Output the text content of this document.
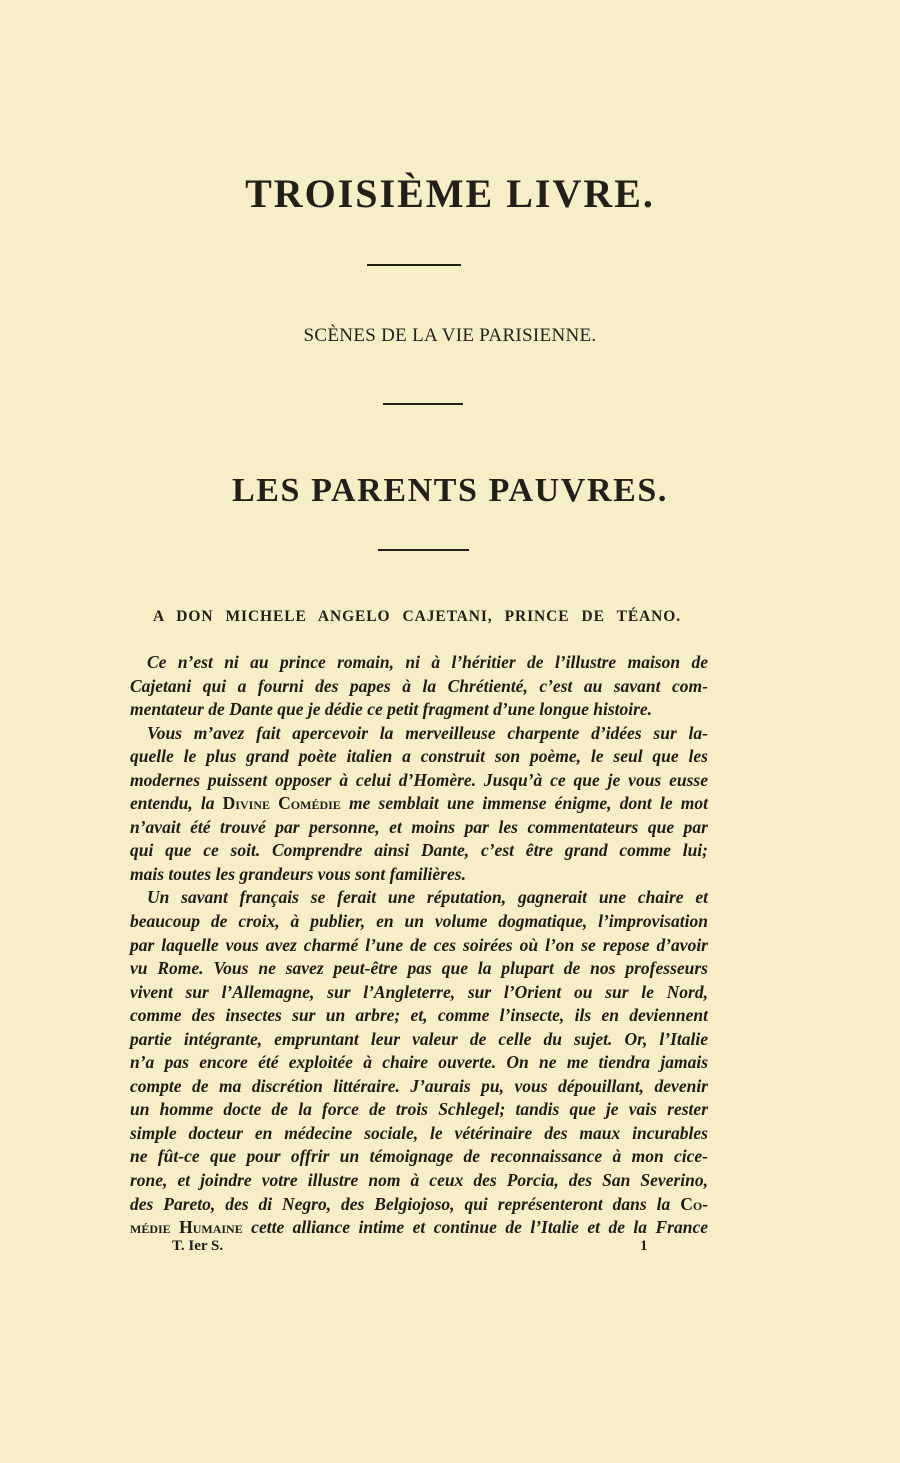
TROISIÈME LIVRE.
SCÈNES DE LA VIE PARISIENNE.
LES PARENTS PAUVRES.
A DON MICHELE ANGELO CAJETANI, PRINCE DE TÉANO.
Ce n’est ni au prince romain, ni à l’héritier de l’illustre maison de
Cajetani qui a fourni des papes à la Chrétienté, c’est au savant com-
mentateur de Dante que je dédie ce petit fragment d’une longue histoire.
Vous m’avez fait apercevoir la merveilleuse charpente d’idées sur la-
quelle le plus grand poète italien a construit son poème, le seul que les
modernes puissent opposer à celui d’Homère. Jusqu’à ce que je vous eusse
entendu, la Divine Comédie me semblait une immense énigme, dont le mot
n’avait été trouvé par personne, et moins par les commentateurs que par
qui que ce soit. Comprendre ainsi Dante, c’est être grand comme lui;
mais toutes les grandeurs vous sont familières.
Un savant français se ferait une réputation, gagnerait une chaire et
beaucoup de croix, à publier, en un volume dogmatique, l’improvisation
par laquelle vous avez charmé l’une de ces soirées où l’on se repose d’avoir
vu Rome. Vous ne savez peut-être pas que la plupart de nos professeurs
vivent sur l’Allemagne, sur l’Angleterre, sur l’Orient ou sur le Nord,
comme des insectes sur un arbre; et, comme l’insecte, ils en deviennent
partie intégrante, empruntant leur valeur de celle du sujet. Or, l’Italie
n’a pas encore été exploitée à chaire ouverte. On ne me tiendra jamais
compte de ma discrétion littéraire. J’aurais pu, vous dépouillant, devenir
un homme docte de la force de trois Schlegel; tandis que je vais rester
simple docteur en médecine sociale, le vétérinaire des maux incurables
ne fût-ce que pour offrir un témoignage de reconnaissance à mon cice-
rone, et joindre votre illustre nom à ceux des Porcia, des San Severino,
des Pareto, des di Negro, des Belgiojoso, qui représenteront dans la Co-
médie Humaine cette alliance intime et continue de l’Italie et de la France
T. Ier S.	1
